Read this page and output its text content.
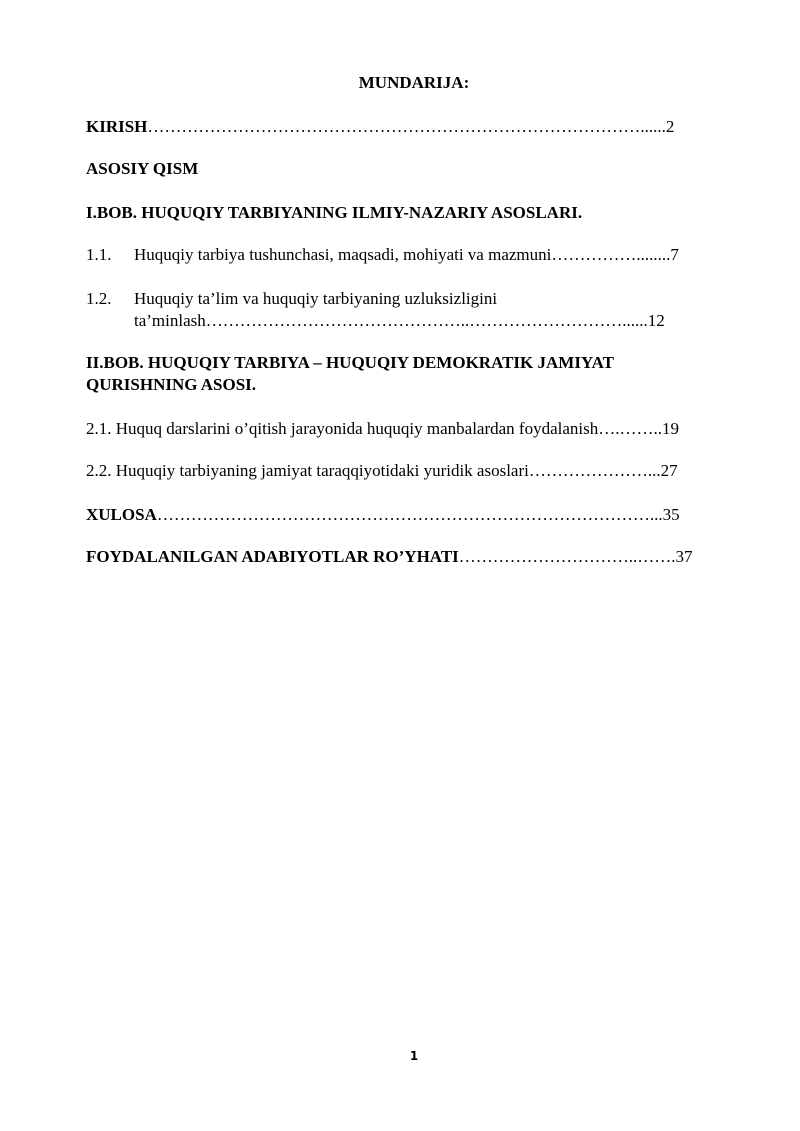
MUNDARIJA:
KIRISH……………………………………………………………………………......2
ASOSIY QISM
I.BOB. HUQUQIY TARBIYANING ILMIY-NAZARIY ASOSLARI.
1.1. Huquqiy tarbiya tushunchasi, maqsadi, mohiyati va mazmuni……………........7
1.2. Huquqiy ta’lim va huquqiy tarbiyaning uzluksizligini
ta’minlash………………………………………..………………………......12
II.BOB. HUQUQIY TARBIYA – HUQUQIY DEMOKRATIK JAMIYAT
QURISHNING ASOSI.
2.1. Huquq darslarini o’qitish jarayonida huquqiy manbalardan foydalanish….……..19
2.2. Huquqiy tarbiyaning jamiyat taraqqiyotidaki yuridik asoslari…………………...27
XULOSA……………………………………………………………………………...35
FOYDALANILGAN ADABIYOTLAR RO’YHATI…………………………..…….37
1
